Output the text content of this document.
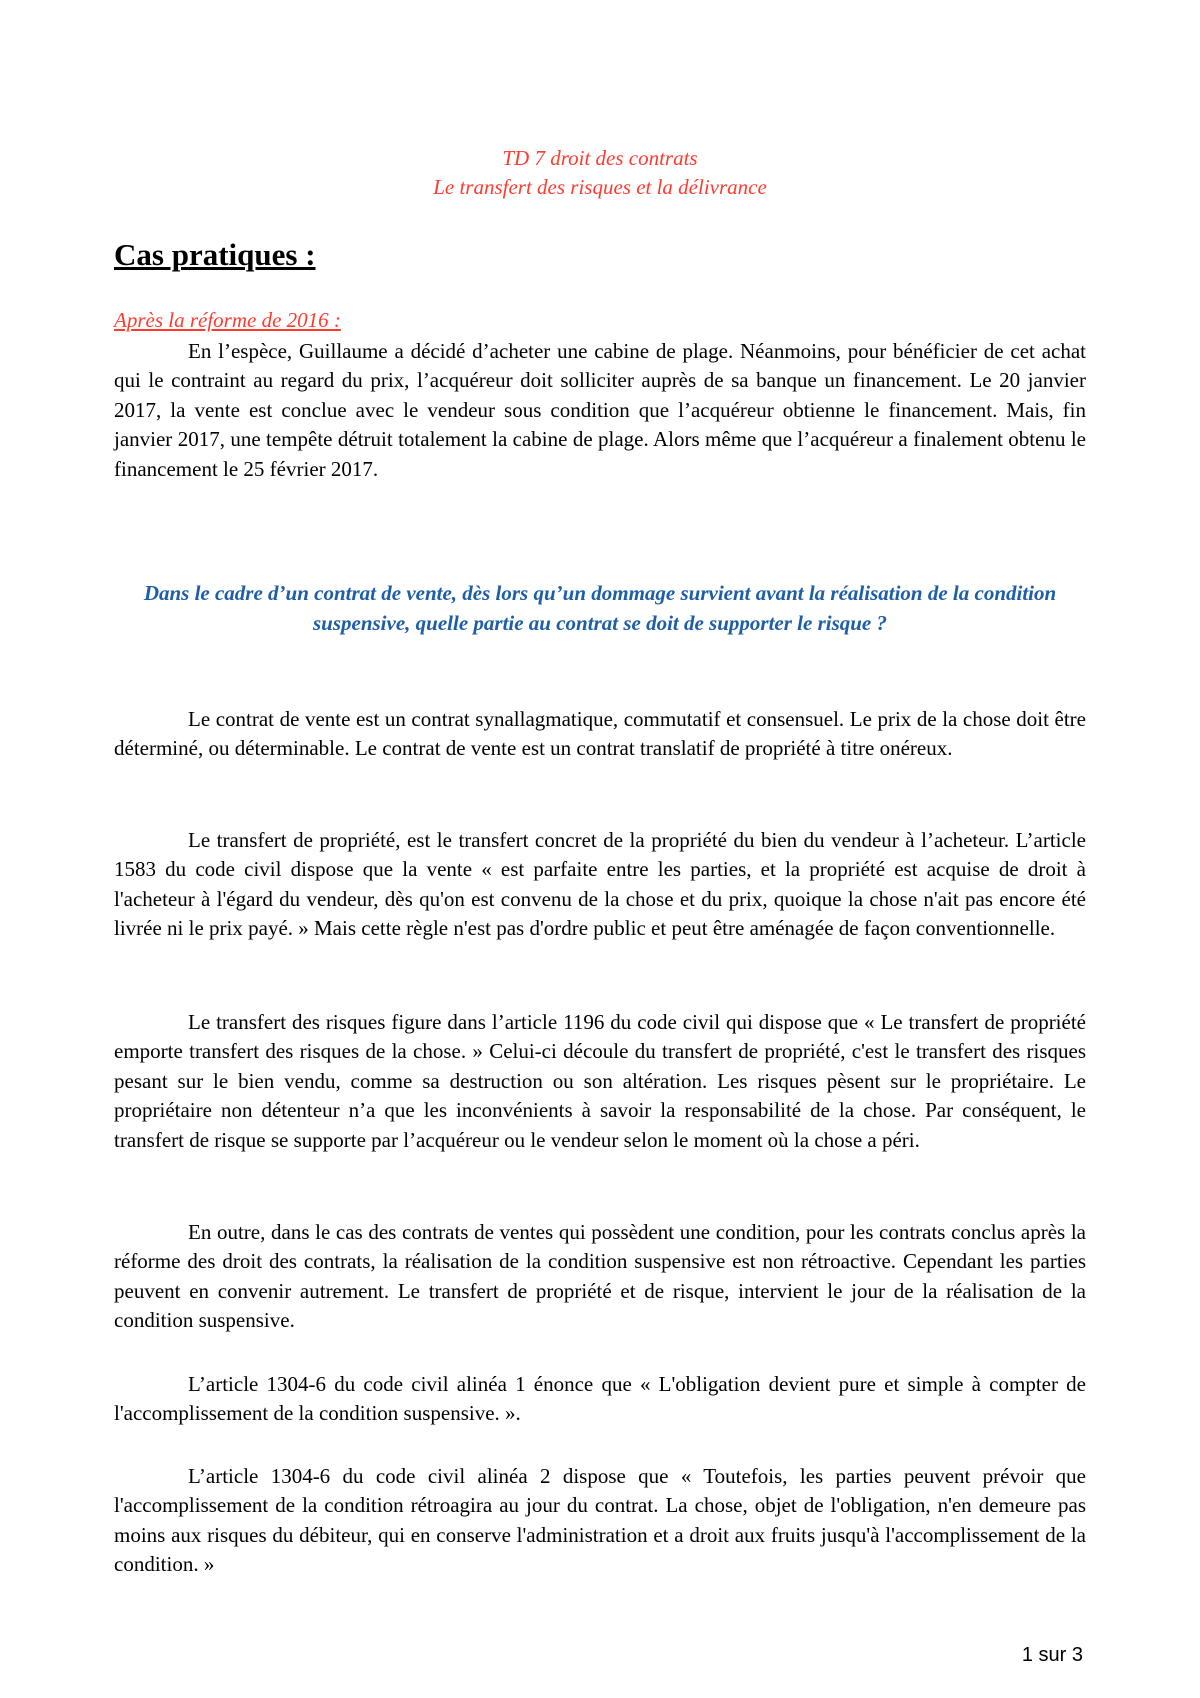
TD 7 droit des contrats
Le transfert des risques et la délivrance
Cas pratiques :
Après la réforme de 2016 :

En l’espèce, Guillaume a décidé d’acheter une cabine de plage. Néanmoins, pour bénéficier de cet achat qui le contraint au regard du prix, l’acquéreur doit solliciter auprès de sa banque un financement. Le 20 janvier 2017, la vente est conclue avec le vendeur sous condition que l’acquéreur obtienne le financement. Mais, fin janvier 2017, une tempête détruit totalement la cabine de plage. Alors même que l’acquéreur a finalement obtenu le financement le 25 février 2017.

Dans le cadre d’un contrat de vente, dès lors qu’un dommage survient avant la réalisation de la condition suspensive, quelle partie au contrat se doit de supporter le risque ?

Le contrat de vente est un contrat synallagmatique, commutatif et consensuel. Le prix de la chose doit être déterminé, ou déterminable. Le contrat de vente est un contrat translatif de propriété à titre onéreux.

Le transfert de propriété, est le transfert concret de la propriété du bien du vendeur à l’acheteur. L’article 1583 du code civil dispose que la vente « est parfaite entre les parties, et la propriété est acquise de droit à l'acheteur à l'égard du vendeur, dès qu'on est convenu de la chose et du prix, quoique la chose n'ait pas encore été livrée ni le prix payé. » Mais cette règle n'est pas d'ordre public et peut être aménagée de façon conventionnelle.

Le transfert des risques figure dans l’article 1196 du code civil qui dispose que « Le transfert de propriété emporte transfert des risques de la chose. » Celui-ci découle du transfert de propriété, c'est le transfert des risques pesant sur le bien vendu, comme sa destruction ou son altération. Les risques pèsent sur le propriétaire. Le propriétaire non détenteur n’a que les inconvénients à savoir la responsabilité de la chose. Par conséquent, le transfert de risque se supporte par l’acquéreur ou le vendeur selon le moment où la chose a péri.

En outre, dans le cas des contrats de ventes qui possèdent une condition, pour les contrats conclus après la réforme des droit des contrats, la réalisation de la condition suspensive est non rétroactive. Cependant les parties peuvent en convenir autrement. Le transfert de propriété et de risque, intervient le jour de la réalisation de la condition suspensive.

L’article 1304-6 du code civil alinéa 1 énonce que « L'obligation devient pure et simple à compter de l'accomplissement de la condition suspensive. ».

L’article 1304-6 du code civil alinéa 2 dispose que « Toutefois, les parties peuvent prévoir que l'accomplissement de la condition rétroagira au jour du contrat. La chose, objet de l'obligation, n'en demeure pas moins aux risques du débiteur, qui en conserve l'administration et a droit aux fruits jusqu'à l'accomplissement de la condition. »

1 sur 3
